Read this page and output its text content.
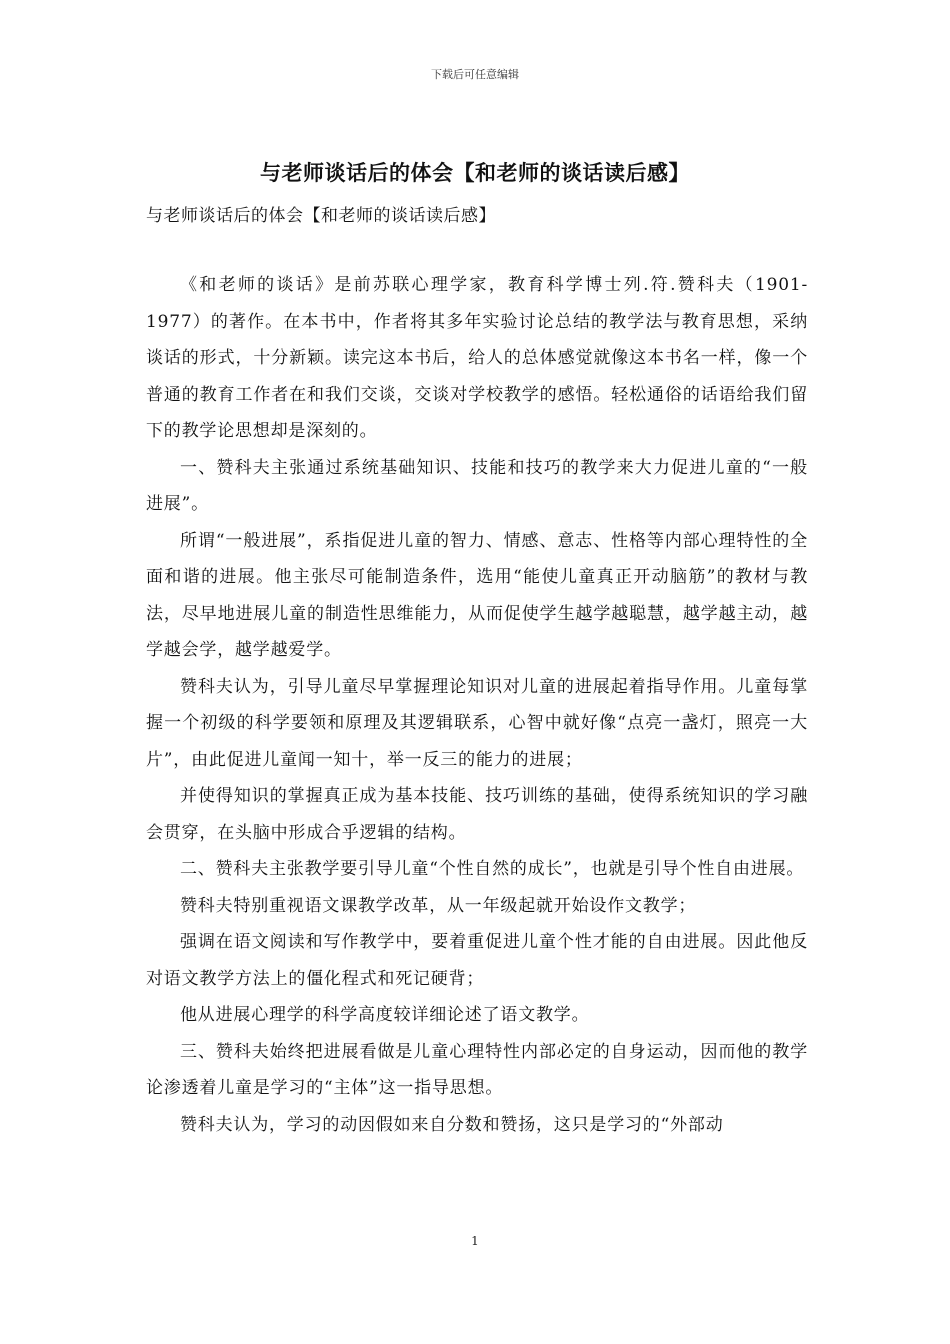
下载后可任意编辑
与老师谈话后的体会【和老师的谈话读后感】
与老师谈话后的体会【和老师的谈话读后感】

《和老师的谈话》是前苏联心理学家，教育科学博士列.符.赞科夫（1901-1977）的著作。在本书中，作者将其多年实验讨论总结的教学法与教育思想，采纳谈话的形式，十分新颖。读完这本书后，给人的总体感觉就像这本书名一样，像一个普通的教育工作者在和我们交谈，交谈对学校教学的感悟。轻松通俗的话语给我们留下的教学论思想却是深刻的。

一、赞科夫主张通过系统基础知识、技能和技巧的教学来大力促进儿童的“一般进展”。

所谓“一般进展”，系指促进儿童的智力、情感、意志、性格等内部心理特性的全面和谐的进展。他主张尽可能制造条件，选用“能使儿童真正开动脑筋”的教材与教法，尽早地进展儿童的制造性思维能力，从而促使学生越学越聪慧，越学越主动，越学越会学，越学越爱学。

赞科夫认为，引导儿童尽早掌握理论知识对儿童的进展起着指导作用。儿童每掌握一个初级的科学要领和原理及其逻辑联系，心智中就好像“点亮一盏灯，照亮一大片”，由此促进儿童闻一知十，举一反三的能力的进展；

并使得知识的掌握真正成为基本技能、技巧训练的基础，使得系统知识的学习融会贯穿，在头脑中形成合乎逻辑的结构。

二、赞科夫主张教学要引导儿童“个性自然的成长”，也就是引导个性自由进展。

赞科夫特别重视语文课教学改革，从一年级起就开始设作文教学；

强调在语文阅读和写作教学中，要着重促进儿童个性才能的自由进展。因此他反对语文教学方法上的僵化程式和死记硬背；

他从进展心理学的科学高度较详细论述了语文教学。

三、赞科夫始终把进展看做是儿童心理特性内部必定的自身运动，因而他的教学论渗透着儿童是学习的“主体”这一指导思想。

赞科夫认为，学习的动因假如来自分数和赞扬，这只是学习的“外部动

1
